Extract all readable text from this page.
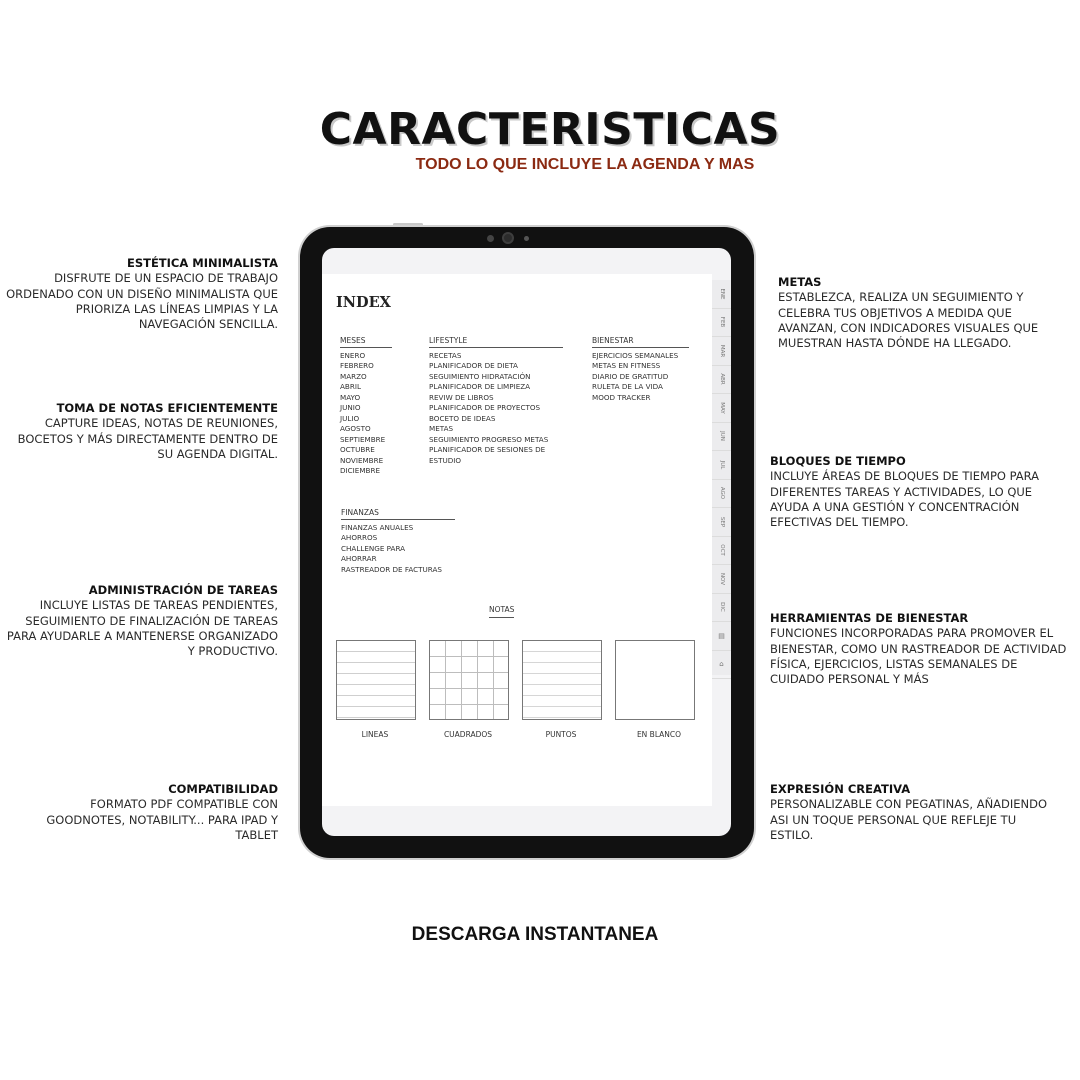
CARACTERISTICAS
TODO LO QUE INCLUYE LA AGENDA Y MAS
ESTÉTICA MINIMALISTA
DISFRUTE DE UN ESPACIO DE TRABAJO ORDENADO CON UN DISEÑO MINIMALISTA QUE PRIORIZA LAS LÍNEAS LIMPIAS Y LA NAVEGACIÓN SENCILLA.
TOMA DE NOTAS EFICIENTEMENTE
CAPTURE IDEAS, NOTAS DE REUNIONES, BOCETOS Y MÁS DIRECTAMENTE DENTRO DE SU AGENDA DIGITAL.
ADMINISTRACIÓN DE TAREAS
INCLUYE LISTAS DE TAREAS PENDIENTES, SEGUIMIENTO DE FINALIZACIÓN DE TAREAS PARA AYUDARLE A MANTENERSE ORGANIZADO Y PRODUCTIVO.
COMPATIBILIDAD
FORMATO PDF COMPATIBLE CON GOODNOTES, NOTABILITY... PARA IPAD Y TABLET
METAS
ESTABLEZCA, REALIZA UN SEGUIMIENTO Y CELEBRA TUS OBJETIVOS A MEDIDA QUE AVANZAN, CON INDICADORES VISUALES QUE MUESTRAN HASTA DÓNDE HA LLEGADO.
BLOQUES DE TIEMPO
INCLUYE ÁREAS DE BLOQUES DE TIEMPO PARA DIFERENTES TAREAS Y ACTIVIDADES, LO QUE AYUDA A UNA GESTIÓN Y CONCENTRACIÓN EFECTIVAS DEL TIEMPO.
HERRAMIENTAS DE BIENESTAR
FUNCIONES INCORPORADAS PARA PROMOVER EL BIENESTAR, COMO UN RASTREADOR DE ACTIVIDAD FÍSICA, EJERCICIOS, LISTAS SEMANALES DE CUIDADO PERSONAL Y MÁS
EXPRESIÓN CREATIVA
PERSONALIZABLE CON PEGATINAS, AÑADIENDO ASI UN TOQUE PERSONAL QUE REFLEJE TU ESTILO.
INDEX
MESES
ENERO
FEBRERO
MARZO
ABRIL
MAYO
JUNIO
JULIO
AGOSTO
SEPTIEMBRE
OCTUBRE
NOVIEMBRE
DICIEMBRE
LIFESTYLE
RECETAS
PLANIFICADOR DE DIETA
SEGUIMIENTO HIDRATACIÓN
PLANIFICADOR DE LIMPIEZA
REVIW DE LIBROS
PLANIFICADOR DE PROYECTOS
BOCETO DE IDEAS
METAS
SEGUIMIENTO PROGRESO METAS
PLANIFICADOR DE SESIONES DE
ESTUDIO
BIENESTAR
EJERCICIOS SEMANALES
METAS EN FITNESS
DIARIO DE GRATITUD
RULETA DE LA VIDA
MOOD TRACKER
FINANZAS
FINANZAS ANUALES
AHORROS
CHALLENGE PARA
AHORRAR
RASTREADOR DE FACTURAS
NOTAS
LINEAS	CUADRADOS	PUNTOS	EN BLANCO
ENE
FEB
MAR
ABR
MAY
JUN
JUL
AGO
SEP
OCT
NOV
DIC
▤
⌂
DESCARGA INSTANTANEA
